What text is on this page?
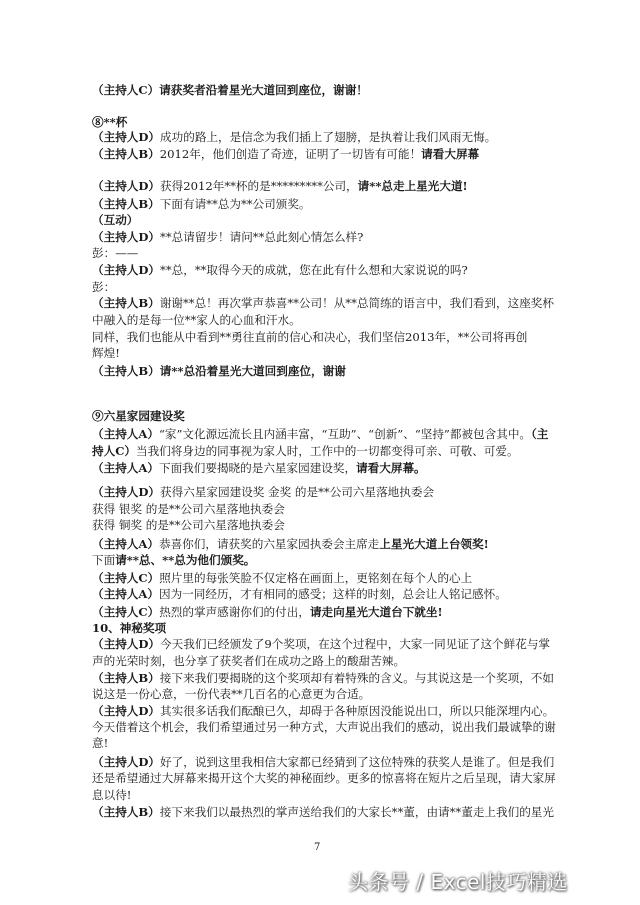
（主持人C）请获奖者沿着星光大道回到座位，谢谢！
⑧**杯
（主持人D）成功的路上，是信念为我们插上了翅膀，是执着让我们风雨无悔。
（主持人B）2012年，他们创造了奇迹，证明了一切皆有可能！请看大屏幕
（主持人D）获得2012年**杯的是*********公司，请**总走上星光大道!
（主持人B）下面有请**总为**公司颁奖。
（互动）
（主持人D）**总请留步！请问**总此刻心情怎么样?
彭：——
（主持人D）**总，**取得今天的成就，您在此有什么想和大家说说的吗?
彭：
（主持人B）谢谢**总！再次掌声恭喜**公司！从**总简练的语言中，我们看到，这座奖杯
中融入的是每一位**家人的心血和汗水。
同样，我们也能从中看到**勇往直前的信心和决心，我们坚信2013年，**公司将再创
辉煌!
（主持人B）请**总沿着星光大道回到座位，谢谢
⑨六星家园建设奖
（主持人A）“家”文化源远流长且内涵丰富，“互助”、“创新”、“坚持”都被包含其中。（主
持人C）当我们将身边的同事视为家人时，工作中的一切都变得可亲、可敬、可爱。
（主持人A）下面我们要揭晓的是六星家园建设奖，请看大屏幕。
（主持人D）获得六星家园建设奖 金奖 的是**公司六星落地执委会
获得 银奖 的是**公司六星落地执委会
获得 铜奖 的是**公司六星落地执委会
（主持人A）恭喜你们，请获奖的六星家园执委会主席走上星光大道上台领奖!
下面请**总、**总为他们颁奖。
（主持人C）照片里的每张笑脸不仅定格在画面上，更铭刻在每个人的心上
（主持人A）因为一同经历，才有相同的感受；这样的时刻，总会让人铭记感怀。
（主持人C）热烈的掌声感谢你们的付出，请走向星光大道台下就坐!
10、神秘奖项
（主持人D）今天我们已经颁发了9个奖项，在这个过程中，大家一同见证了这个鲜花与掌
声的光荣时刻，也分享了获奖者们在成功之路上的酸甜苦辣。
（主持人B）接下来我们要揭晓的这个奖项却有着特殊的含义。与其说这是一个奖项，不如
说这是一份心意，一份代表**几百名的心意更为合适。
（主持人D）其实很多话我们酝酿已久，却碍于各种原因没能说出口，所以只能深埋内心。
今天借着这个机会，我们希望通过另一种方式，大声说出我们的感动，说出我们最诚挚的谢
意!
（主持人D）好了，说到这里我相信大家都已经猜到了这位特殊的获奖人是谁了。但是我们
还是希望通过大屏幕来揭开这个大奖的神秘面纱。更多的惊喜将在短片之后呈现，请大家屏
息以待!
（主持人B）接下来我们以最热烈的掌声送给我们的大家长**董，由请**董走上我们的星光
7
头条号 / Excel技巧精选
